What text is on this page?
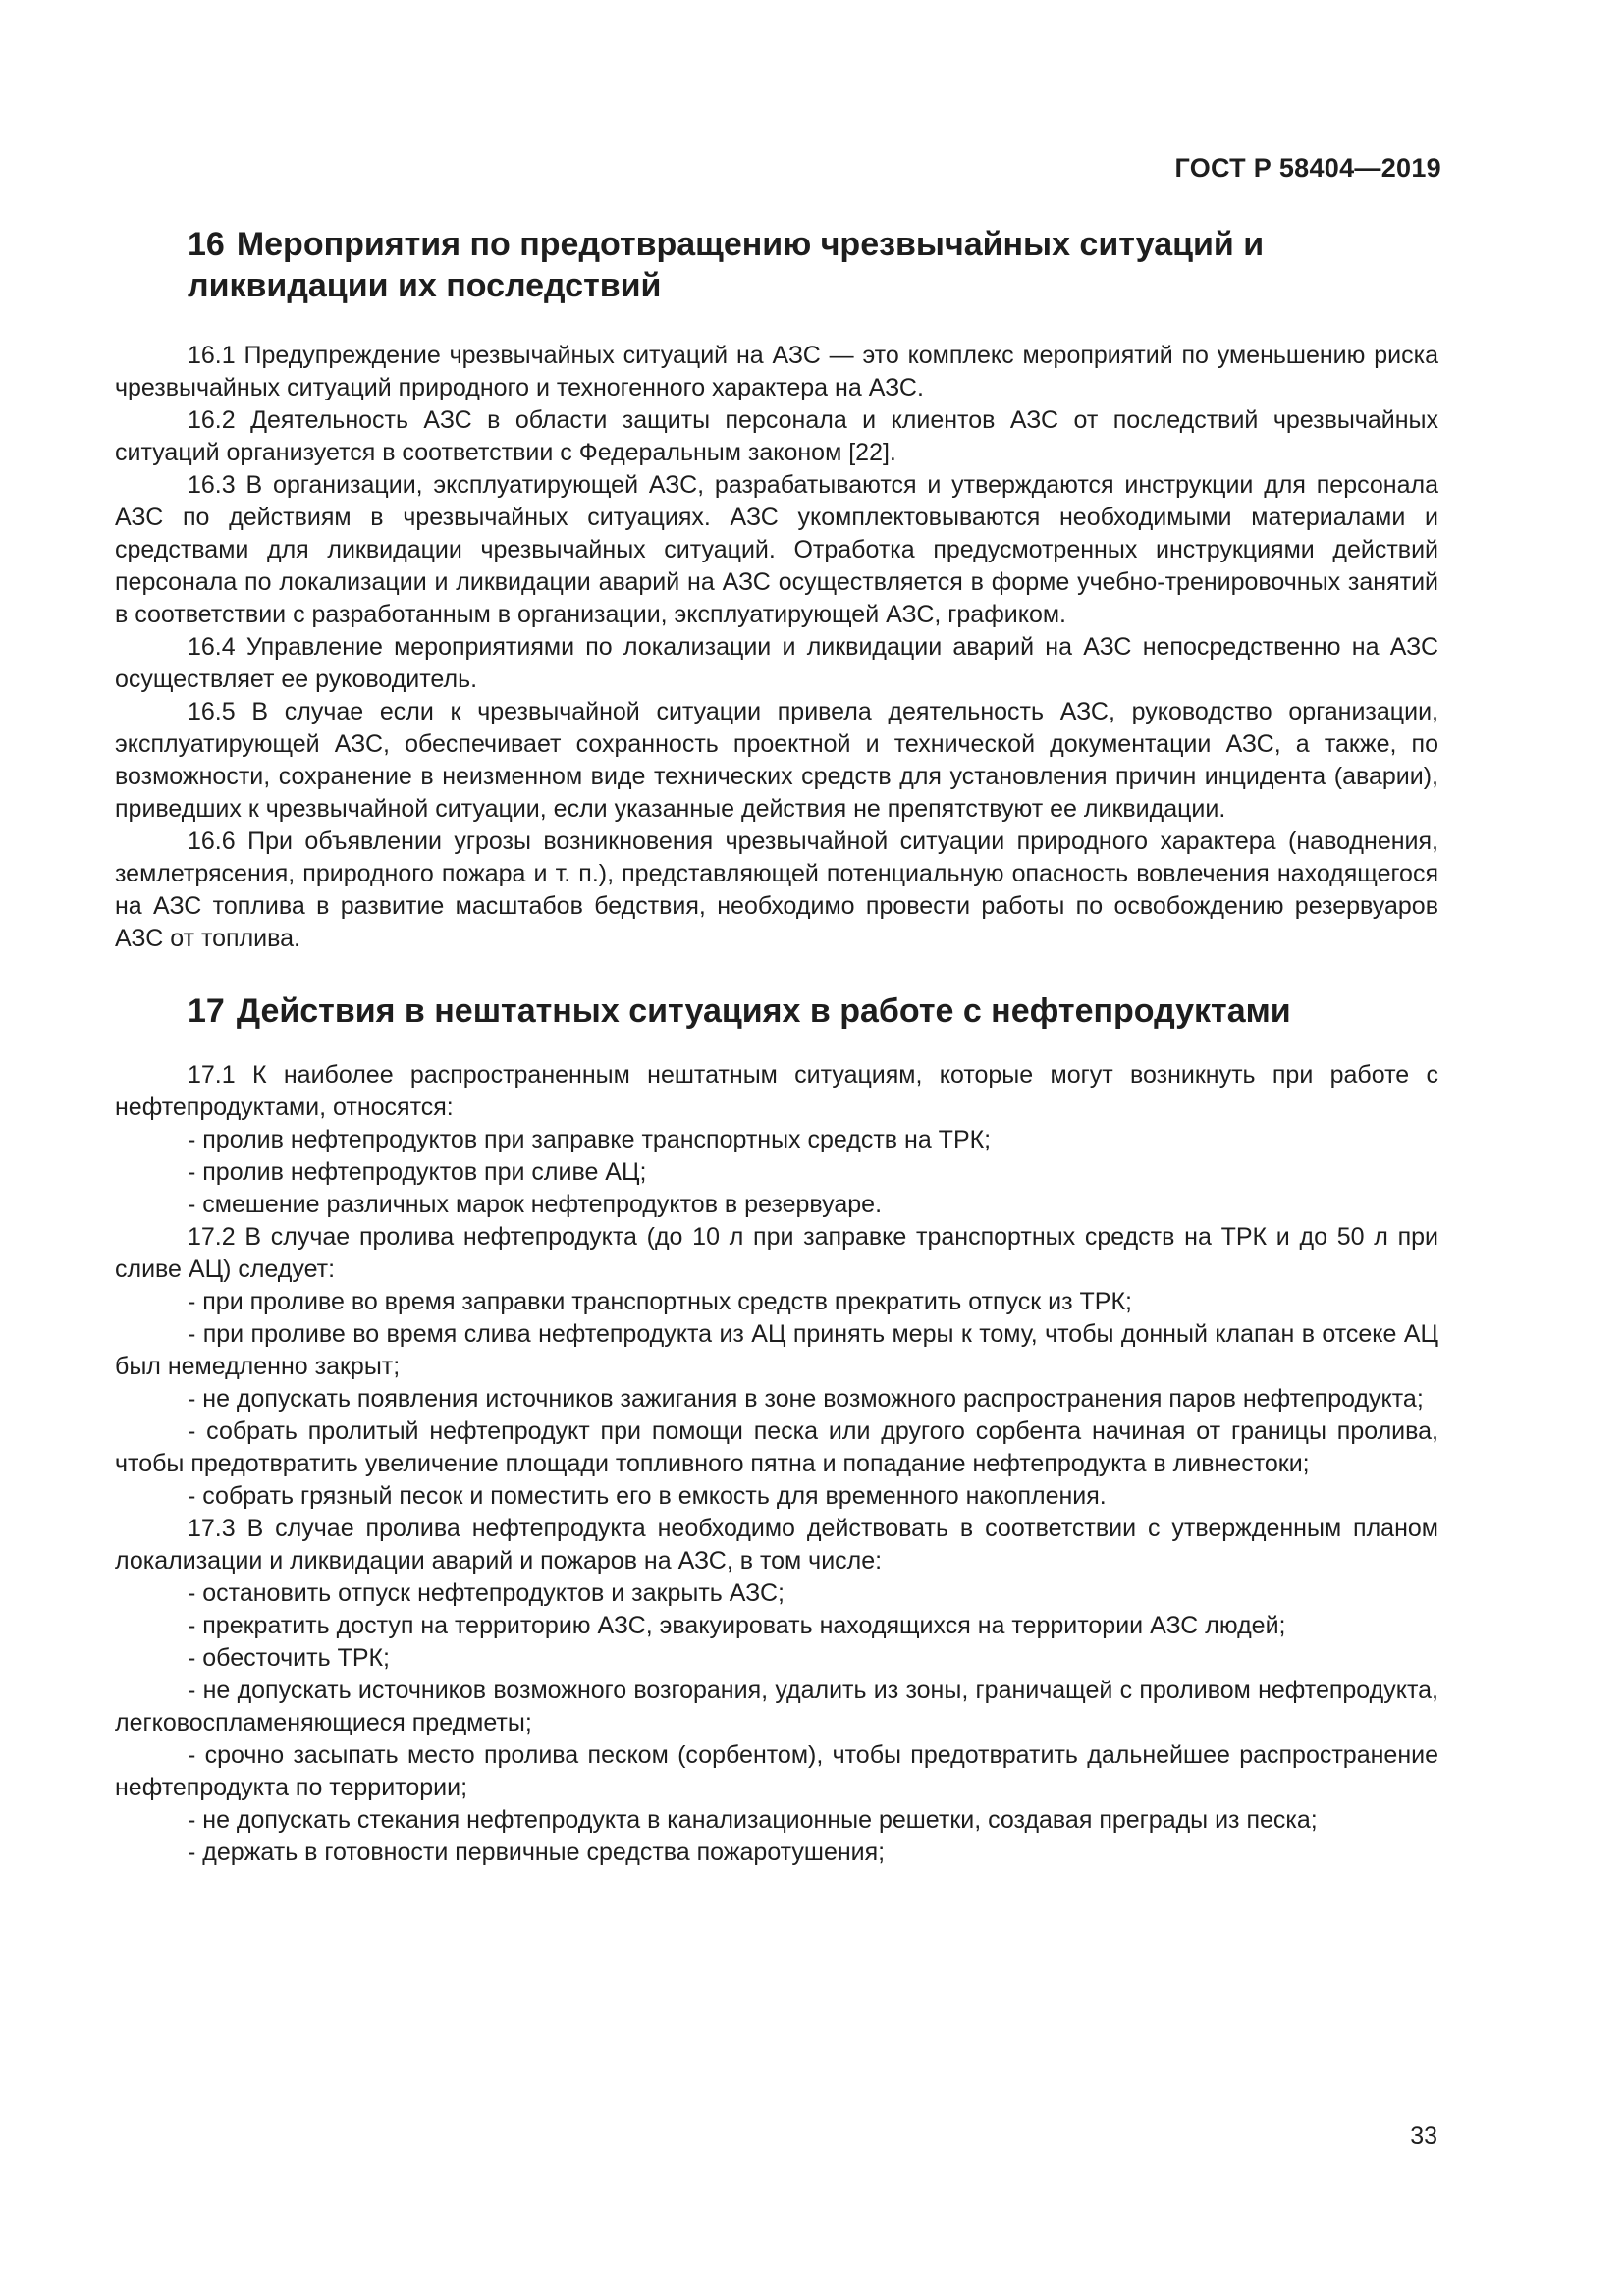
ГОСТ Р 58404—2019
16 Мероприятия по предотвращению чрезвычайных ситуаций и ликвидации их последствий

16.1 Предупреждение чрезвычайных ситуаций на АЗС — это комплекс мероприятий по уменьшению риска чрезвычайных ситуаций природного и техногенного характера на АЗС.

16.2 Деятельность АЗС в области защиты персонала и клиентов АЗС от последствий чрезвычайных ситуаций организуется в соответствии с Федеральным законом [22].

16.3 В организации, эксплуатирующей АЗС, разрабатываются и утверждаются инструкции для персонала АЗС по действиям в чрезвычайных ситуациях. АЗС укомплектовываются необходимыми материалами и средствами для ликвидации чрезвычайных ситуаций. Отработка предусмотренных инструкциями действий персонала по локализации и ликвидации аварий на АЗС осуществляется в форме учебно-тренировочных занятий в соответствии с разработанным в организации, эксплуатирующей АЗС, графиком.

16.4 Управление мероприятиями по локализации и ликвидации аварий на АЗС непосредственно на АЗС осуществляет ее руководитель.

16.5 В случае если к чрезвычайной ситуации привела деятельность АЗС, руководство организации, эксплуатирующей АЗС, обеспечивает сохранность проектной и технической документации АЗС, а также, по возможности, сохранение в неизменном виде технических средств для установления причин инцидента (аварии), приведших к чрезвычайной ситуации, если указанные действия не препятствуют ее ликвидации.

16.6 При объявлении угрозы возникновения чрезвычайной ситуации природного характера (наводнения, землетрясения, природного пожара и т. п.), представляющей потенциальную опасность вовлечения находящегося на АЗС топлива в развитие масштабов бедствия, необходимо провести работы по освобождению резервуаров АЗС от топлива.

17 Действия в нештатных ситуациях в работе с нефтепродуктами

17.1 К наиболее распространенным нештатным ситуациям, которые могут возникнуть при работе с нефтепродуктами, относятся:

- пролив нефтепродуктов при заправке транспортных средств на ТРК;

- пролив нефтепродуктов при сливе АЦ;

- смешение различных марок нефтепродуктов в резервуаре.

17.2 В случае пролива нефтепродукта (до 10 л при заправке транспортных средств на ТРК и до 50 л при сливе АЦ) следует:

- при проливе во время заправки транспортных средств прекратить отпуск из ТРК;

- при проливе во время слива нефтепродукта из АЦ принять меры к тому, чтобы донный клапан в отсеке АЦ был немедленно закрыт;

- не допускать появления источников зажигания в зоне возможного распространения паров нефтепродукта;

- собрать пролитый нефтепродукт при помощи песка или другого сорбента начиная от границы пролива, чтобы предотвратить увеличение площади топливного пятна и попадание нефтепродукта в ливнестоки;

- собрать грязный песок и поместить его в емкость для временного накопления.

17.3 В случае пролива нефтепродукта необходимо действовать в соответствии с утвержденным планом локализации и ликвидации аварий и пожаров на АЗС, в том числе:

- остановить отпуск нефтепродуктов и закрыть АЗС;

- прекратить доступ на территорию АЗС, эвакуировать находящихся на территории АЗС людей;

- обесточить ТРК;

- не допускать источников возможного возгорания, удалить из зоны, граничащей с проливом нефтепродукта, легковоспламеняющиеся предметы;

- срочно засыпать место пролива песком (сорбентом), чтобы предотвратить дальнейшее распространение нефтепродукта по территории;

- не допускать стекания нефтепродукта в канализационные решетки, создавая преграды из песка;

- держать в готовности первичные средства пожаротушения;

33
